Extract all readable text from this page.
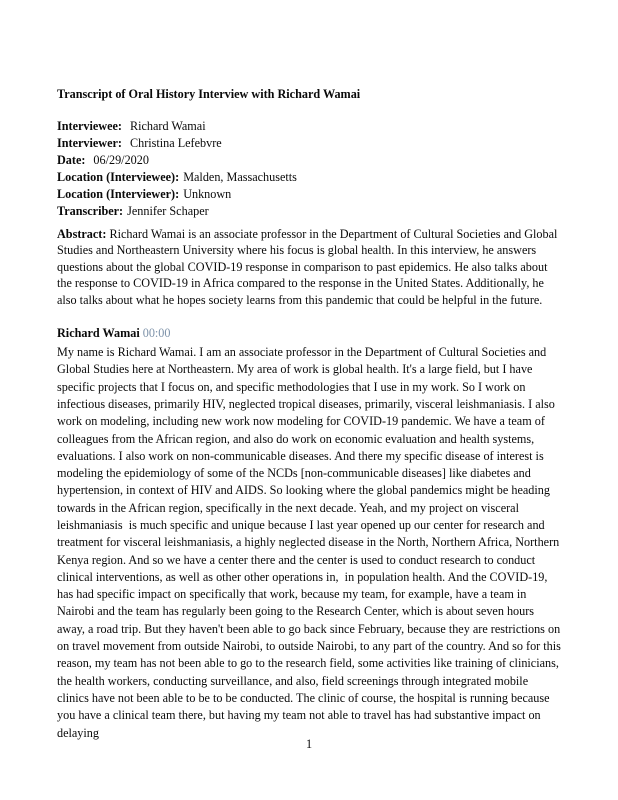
Transcript of Oral History Interview with Richard Wamai
Interviewee: Richard Wamai
Interviewer: Christina Lefebvre
Date: 06/29/2020
Location (Interviewee): Malden, Massachusetts
Location (Interviewer): Unknown
Transcriber: Jennifer Schaper

Abstract: Richard Wamai is an associate professor in the Department of Cultural Societies and Global Studies and Northeastern University where his focus is global health. In this interview, he answers questions about the global COVID-19 response in comparison to past epidemics. He also talks about the response to COVID-19 in Africa compared to the response in the United States. Additionally, he also talks about what he hopes society learns from this pandemic that could be helpful in the future.

Richard Wamai 00:00

My name is Richard Wamai. I am an associate professor in the Department of Cultural Societies and Global Studies here at Northeastern. My area of work is global health. It's a large field, but I have specific projects that I focus on, and specific methodologies that I use in my work. So I work on infectious diseases, primarily HIV, neglected tropical diseases, primarily, visceral leishmaniasis. I also work on modeling, including new work now modeling for COVID-19 pandemic. We have a team of colleagues from the African region, and also do work on economic evaluation and health systems, evaluations. I also work on non-communicable diseases. And there my specific disease of interest is modeling the epidemiology of some of the NCDs [non-communicable diseases] like diabetes and hypertension, in context of HIV and AIDS. So looking where the global pandemics might be heading towards in the African region, specifically in the next decade. Yeah, and my project on visceral leishmaniasis  is much specific and unique because I last year opened up our center for research and treatment for visceral leishmaniasis, a highly neglected disease in the North, Northern Africa, Northern Kenya region. And so we have a center there and the center is used to conduct research to conduct clinical interventions, as well as other other operations in,  in population health. And the COVID-19, has had specific impact on specifically that work, because my team, for example, have a team in Nairobi and the team has regularly been going to the Research Center, which is about seven hours away, a road trip. But they haven't been able to go back since February, because they are restrictions on on travel movement from outside Nairobi, to outside Nairobi, to any part of the country. And so for this reason, my team has not been able to go to the research field, some activities like training of clinicians, the health workers, conducting surveillance, and also, field screenings through integrated mobile clinics have not been able to be to be conducted. The clinic of course, the hospital is running because you have a clinical team there, but having my team not able to travel has had substantive impact on delaying

1
